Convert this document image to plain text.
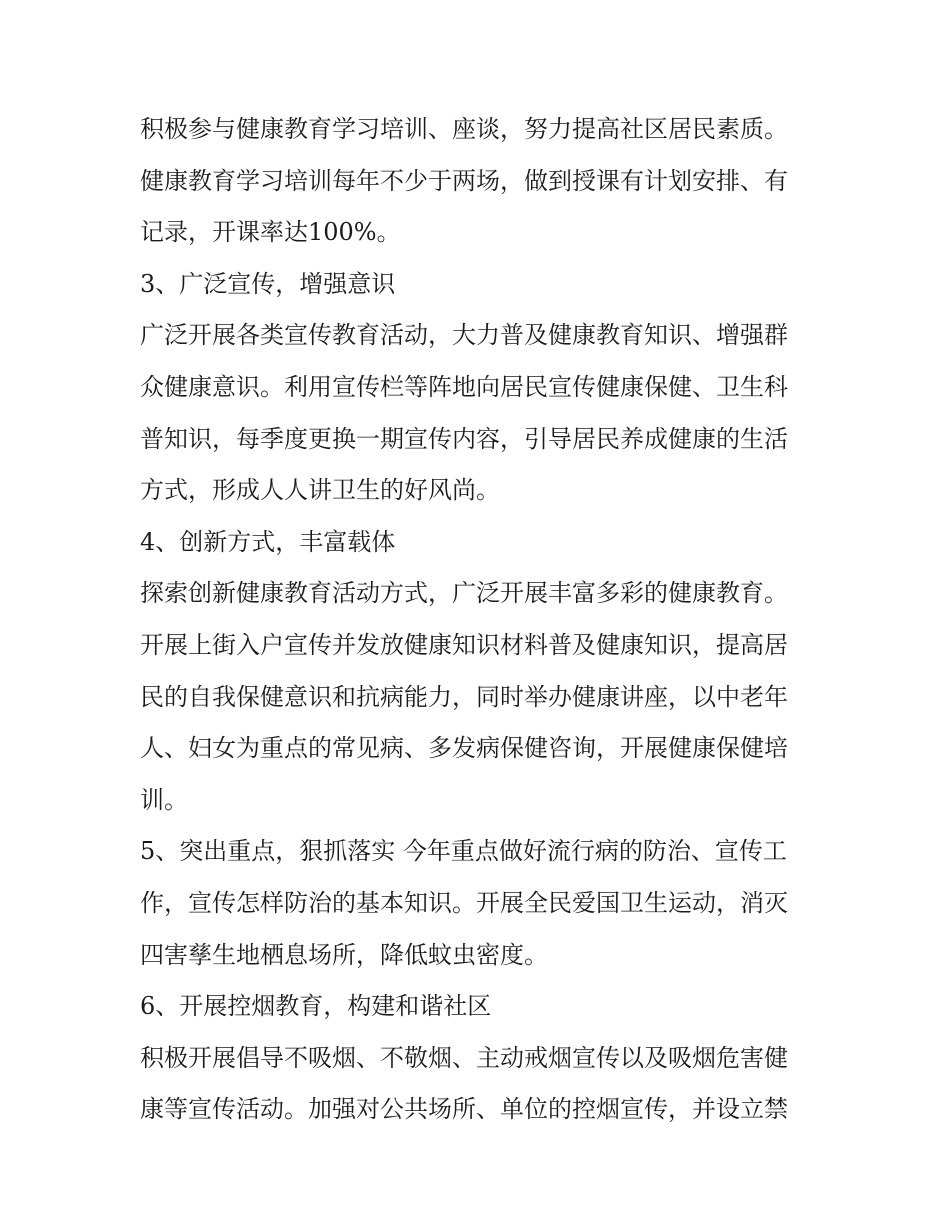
积极参与健康教育学习培训、座谈，努力提高社区居民素质。
健康教育学习培训每年不少于两场，做到授课有计划安排、有
记录，开课率达100%。
3、广泛宣传，增强意识
广泛开展各类宣传教育活动，大力普及健康教育知识、增强群
众健康意识。利用宣传栏等阵地向居民宣传健康保健、卫生科
普知识，每季度更换一期宣传内容，引导居民养成健康的生活
方式，形成人人讲卫生的好风尚。
4、创新方式，丰富载体
探索创新健康教育活动方式，广泛开展丰富多彩的健康教育。
开展上街入户宣传并发放健康知识材料普及健康知识，提高居
民的自我保健意识和抗病能力，同时举办健康讲座，以中老年
人、妇女为重点的常见病、多发病保健咨询，开展健康保健培
训。
5、突出重点，狠抓落实 今年重点做好流行病的防治、宣传工
作，宣传怎样防治的基本知识。开展全民爱国卫生运动，消灭
四害孳生地栖息场所，降低蚊虫密度。
6、开展控烟教育，构建和谐社区
积极开展倡导不吸烟、不敬烟、主动戒烟宣传以及吸烟危害健
康等宣传活动。加强对公共场所、单位的控烟宣传，并设立禁
